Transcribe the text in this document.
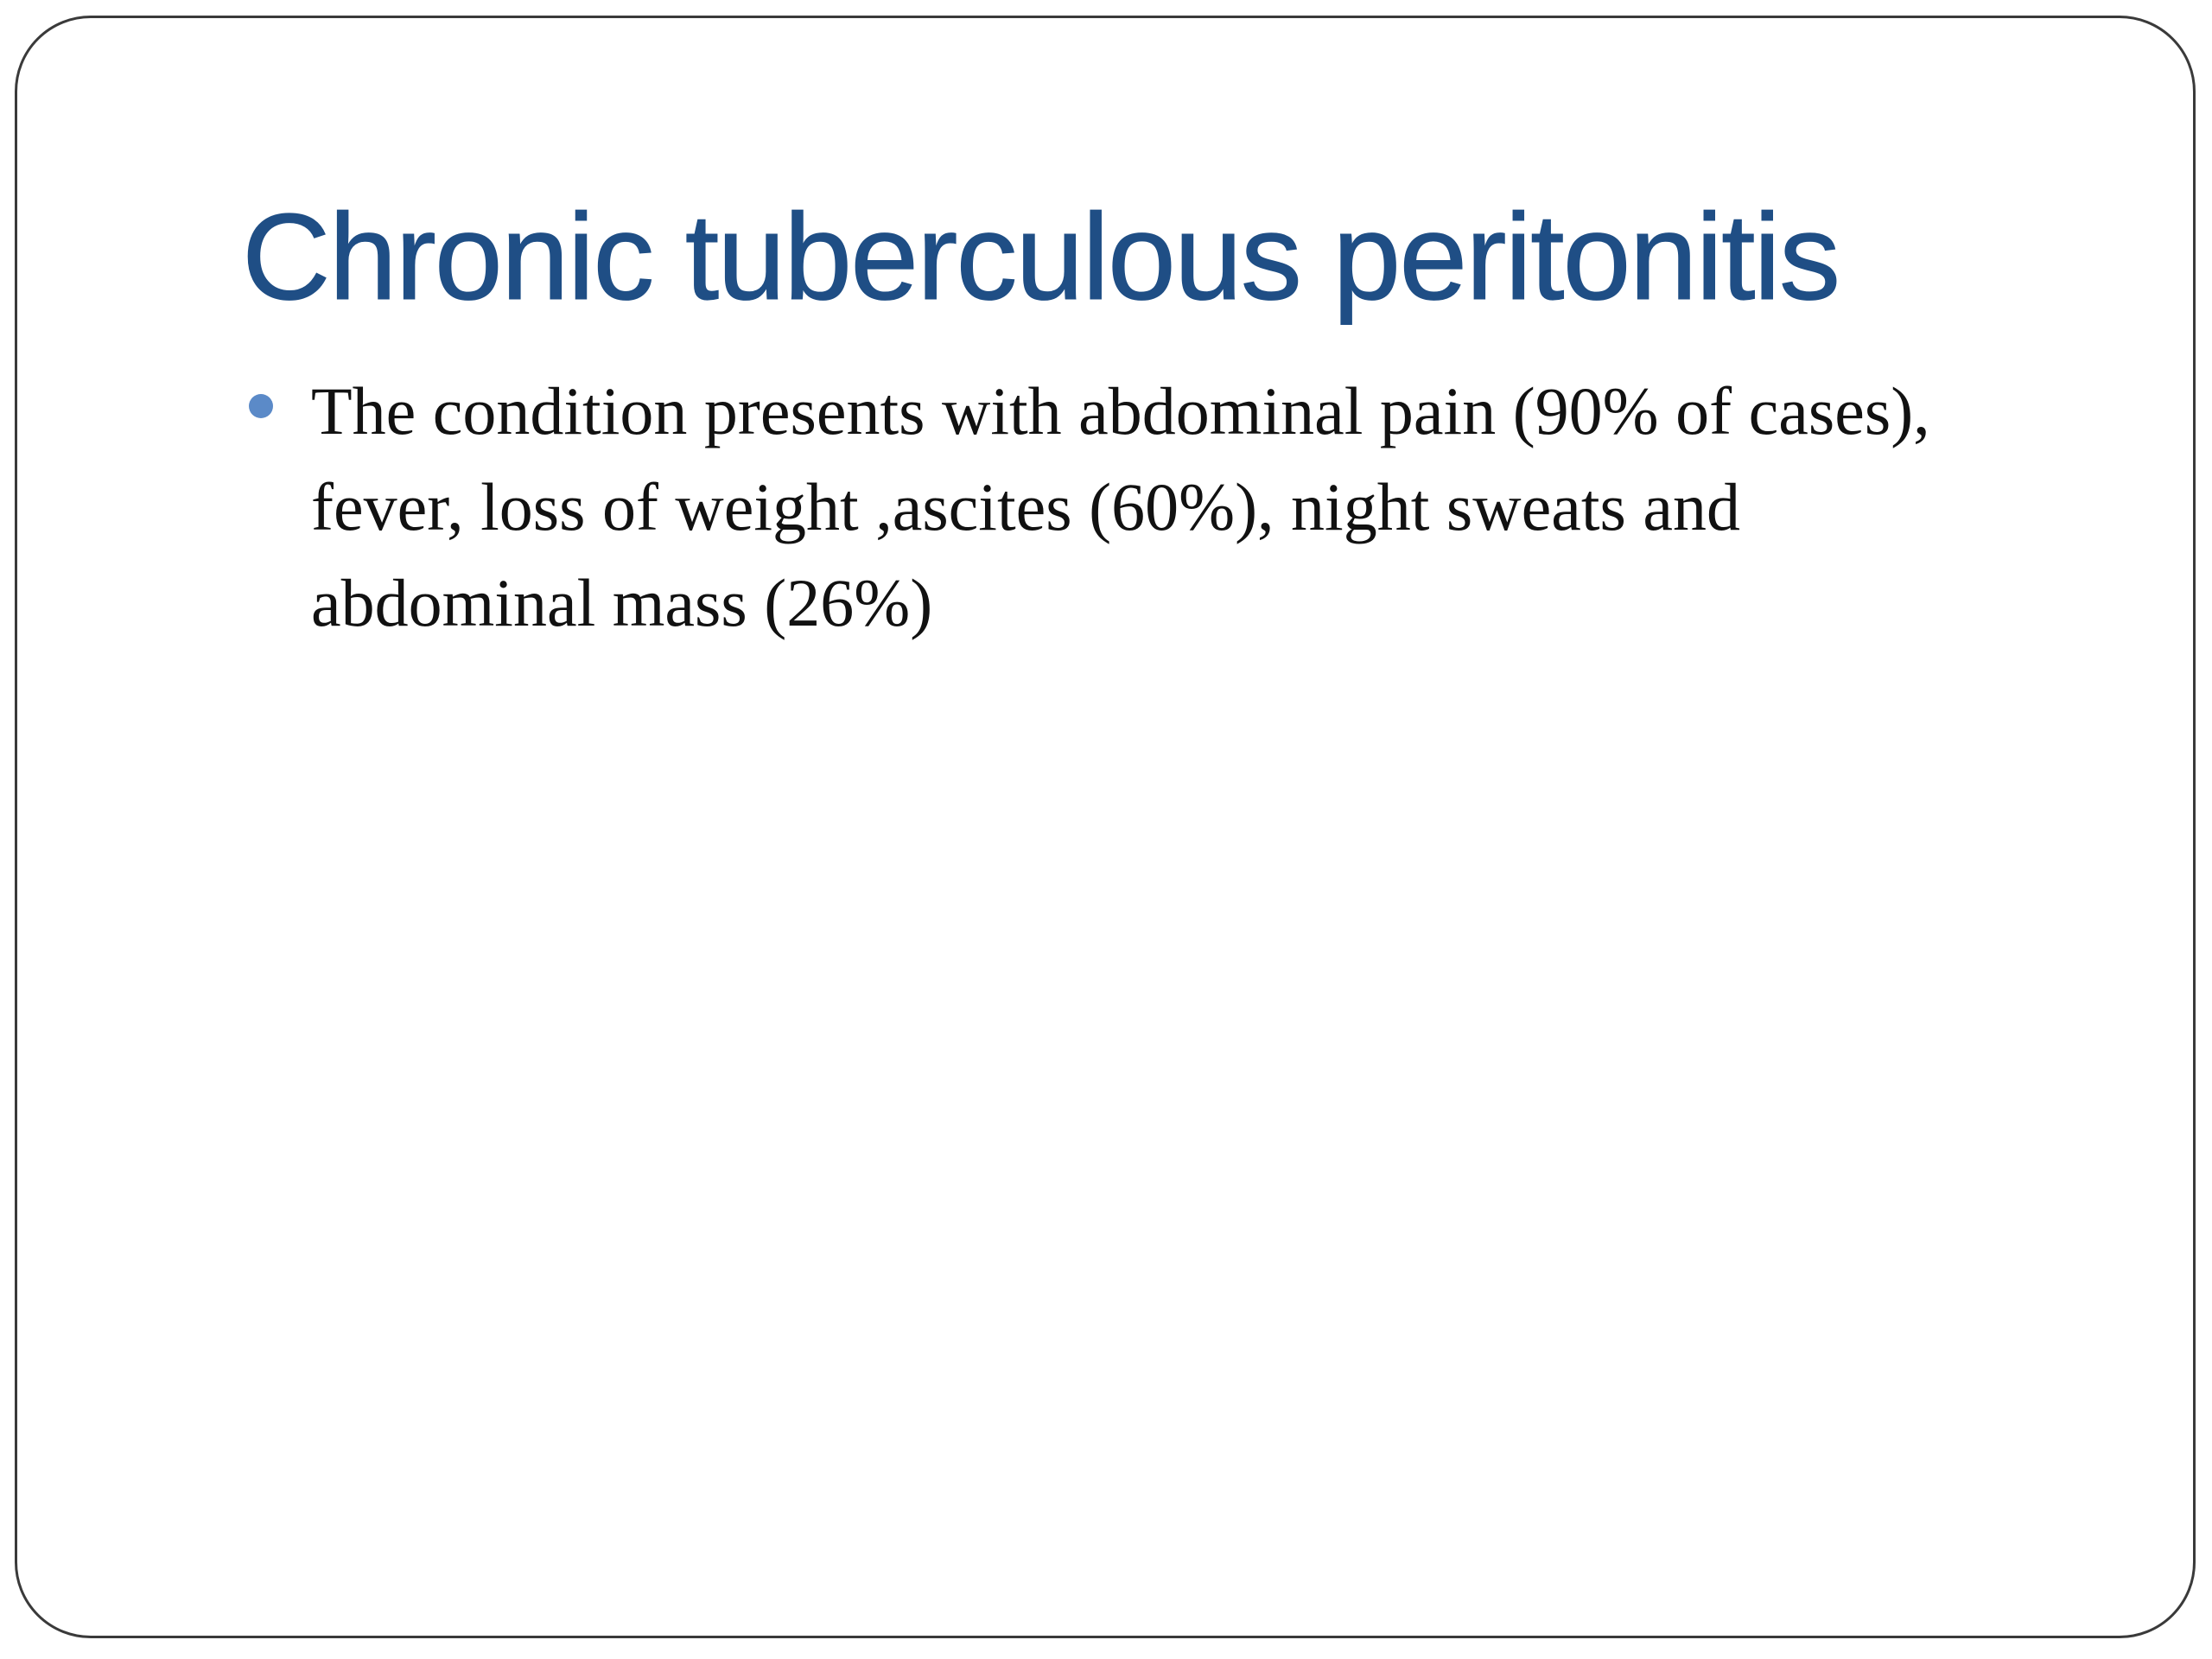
Chronic tuberculous peritonitis
The condition presents with abdominal pain (90% of cases),
fever, loss of weight ,ascites (60%), night sweats and
abdominal mass (26%)
